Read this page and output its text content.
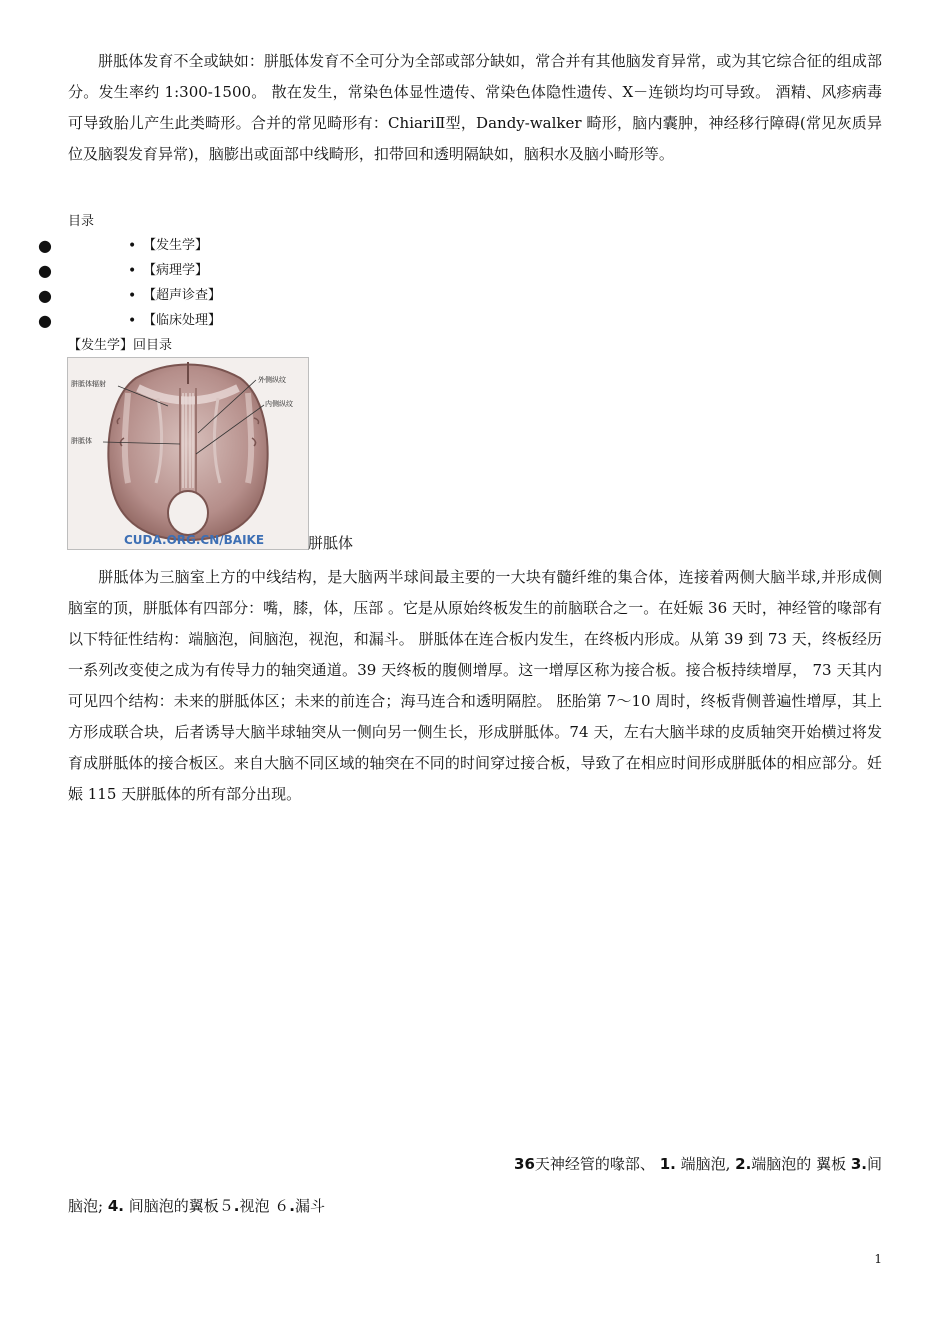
胼胝体发育不全或缺如：胼胝体发育不全可分为全部或部分缺如，常合并有其他脑发育异常，或为其它综合征的组成部分。发生率约 1:300-1500。 散在发生，常染色体显性遗传、常染色体隐性遗传、X－连锁均均可导致。 酒精、风疹病毒可导致胎儿产生此类畸形。合并的常见畸形有：ChiariⅡ型，Dandy-walker 畸形，脑内囊肿，神经移行障碍(常见灰质异位及脑裂发育异常)，脑膨出或面部中线畸形，扣带回和透明隔缺如，脑积水及脑小畸形等。

目录
●	• 【发生学】
●	• 【病理学】
●	• 【超声诊查】
●	• 【临床处理】
【发生学】回目录
胼胝体辐射
胼胝体
外侧纵纹
内侧纵纹
CUDA.ORG.CN/BAIKE	胼胝体

胼胝体为三脑室上方的中线结构，是大脑两半球间最主要的一大块有髓纤维的集合体，连接着两侧大脑半球,并形成侧脑室的顶，胼胝体有四部分：嘴，膝，体，压部 。它是从原始终板发生的前脑联合之一。在妊娠 36 天时，神经管的喙部有以下特征性结构：端脑泡，间脑泡，视泡，和漏斗。 胼胝体在连合板内发生，在终板内形成。从第 39 到 73 天，终板经历一系列改变使之成为有传导力的轴突通道。39 天终板的腹侧增厚。这一增厚区称为接合板。接合板持续增厚， 73 天其内可见四个结构：未来的胼胝体区；未来的前连合；海马连合和透明隔腔。 胚胎第 7～10 周时，终板背侧普遍性增厚，其上方形成联合块，后者诱导大脑半球轴突从一侧向另一侧生长，形成胼胝体。74 天，左右大脑半球的皮质轴突开始横过将发育成胼胝体的接合板区。来自大脑不同区域的轴突在不同的时间穿过接合板，导致了在相应时间形成胼胝体的相应部分。妊娠 115 天胼胝体的所有部分出现。

36天神经管的喙部、 1. 端脑泡, 2.端脑泡的 翼板 3.间
脑泡; 4. 间脑泡的翼板５.视泡 ６.漏斗
1
